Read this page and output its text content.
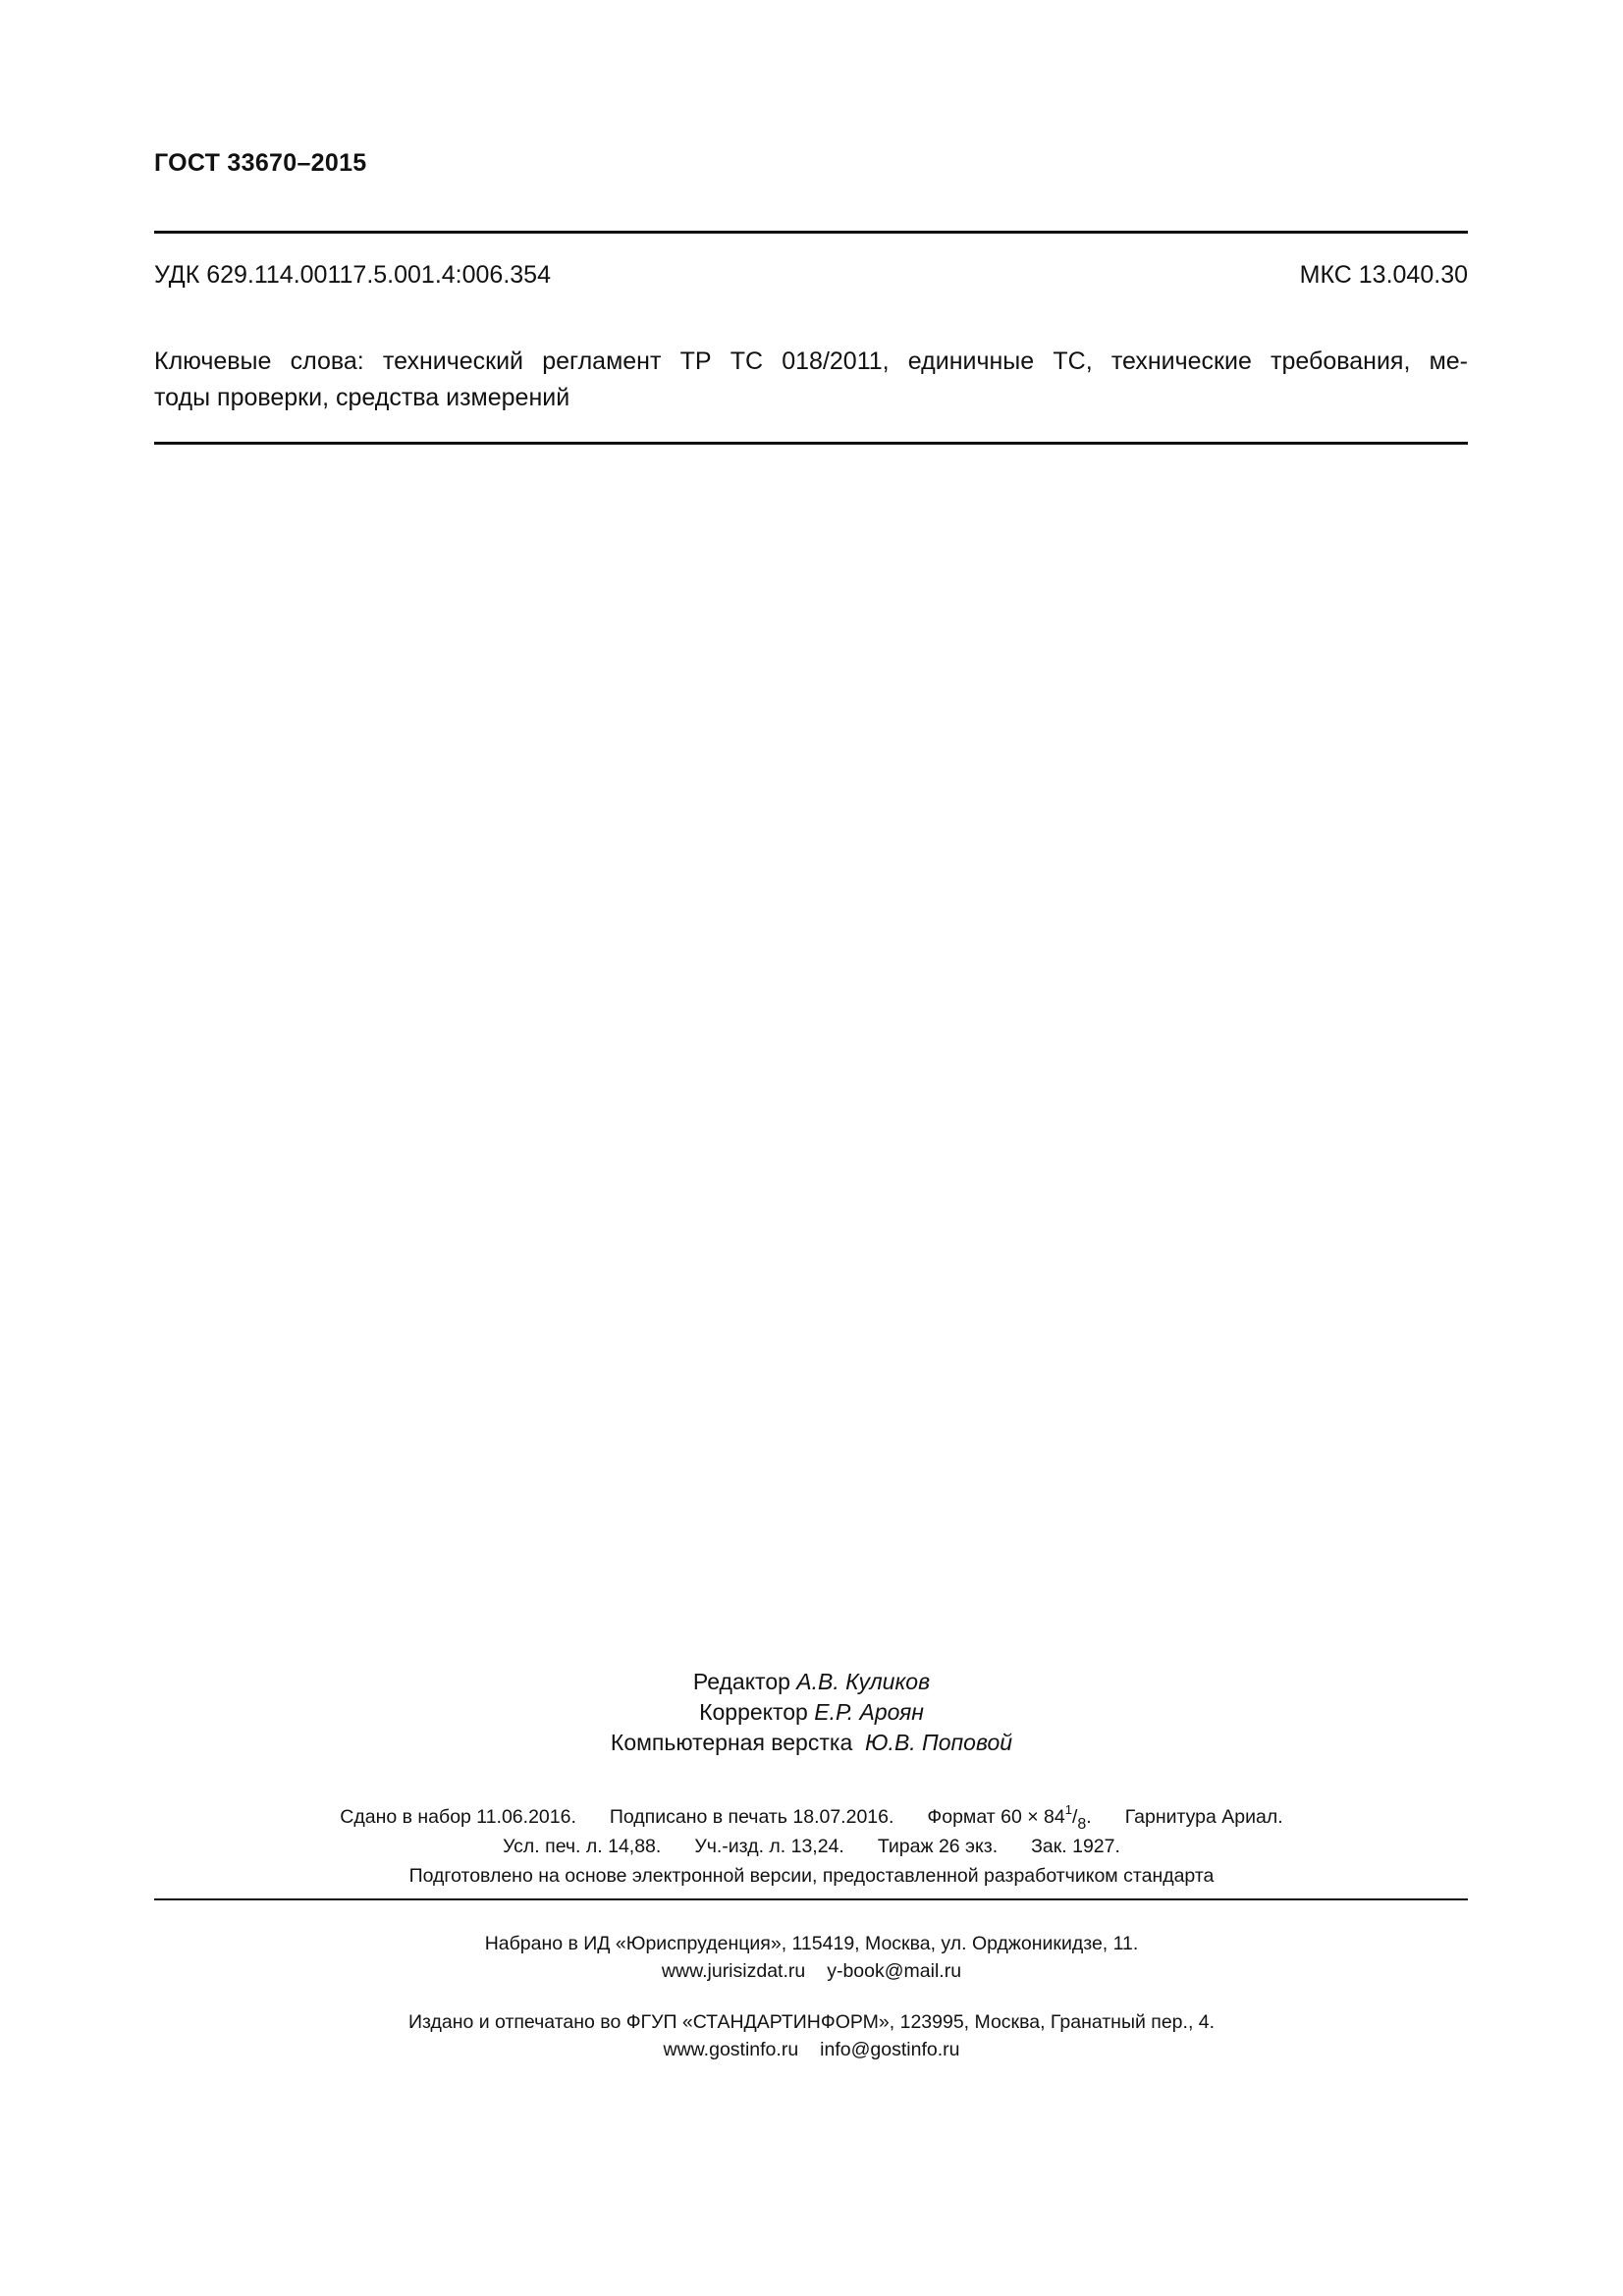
ГОСТ 33670–2015
УДК 629.114.00117.5.001.4:006.354	МКС 13.040.30
Ключевые слова: технический регламент ТР ТС 018/2011, единичные ТС, технические требования, ме-
тоды проверки, средства измерений
Редактор А.В. Куликов
Корректор Е.Р. Ароян
Компьютерная верстка Ю.В. Поповой
Сдано в набор 11.06.2016. Подписано в печать 18.07.2016. Формат $60 \times 84^1/_8$. Гарнитура Ариал.
Усл. печ. л. 14,88. Уч.-изд. л. 13,24. Тираж 26 экз. Зак. 1927.
Подготовлено на основе электронной версии, предоставленной разработчиком стандарта
Набрано в ИД «Юриспруденция», 115419, Москва, ул. Орджоникидзе, 11.
www.jurisizdat.ru y-book@mail.ru
Издано и отпечатано во ФГУП «СТАНДАРТИНФОРМ», 123995, Москва, Гранатный пер., 4.
www.gostinfo.ru info@gostinfo.ru
